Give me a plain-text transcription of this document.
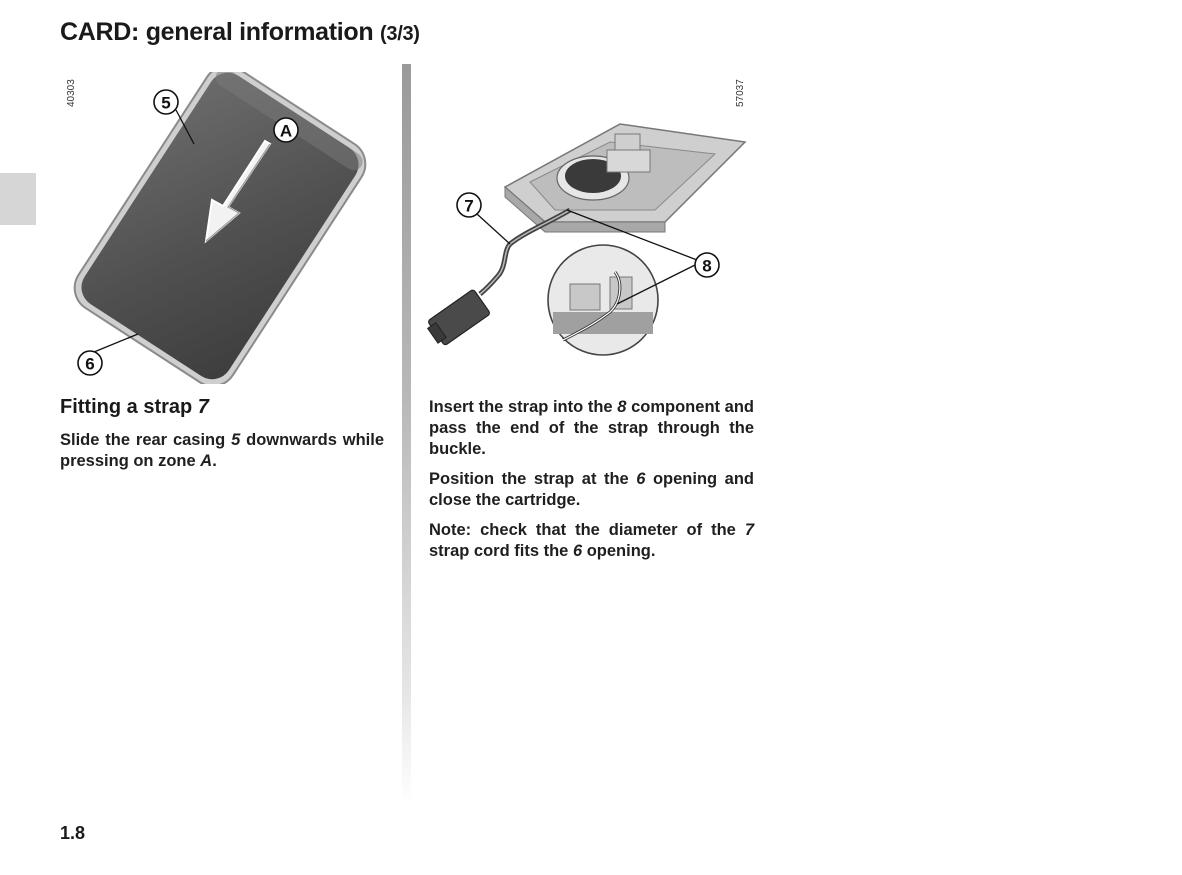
CARD: general information (3/3)
40303	57037
5
A
6
7
8
Fitting a strap 7

Slide the rear casing 5 downwards while pressing on zone A.

Insert the strap into the 8 component and pass the end of the strap through the buckle.

Position the strap at the 6 opening and close the cartridge.

Note: check that the diameter of the 7 strap cord fits the 6 opening.

1.8
